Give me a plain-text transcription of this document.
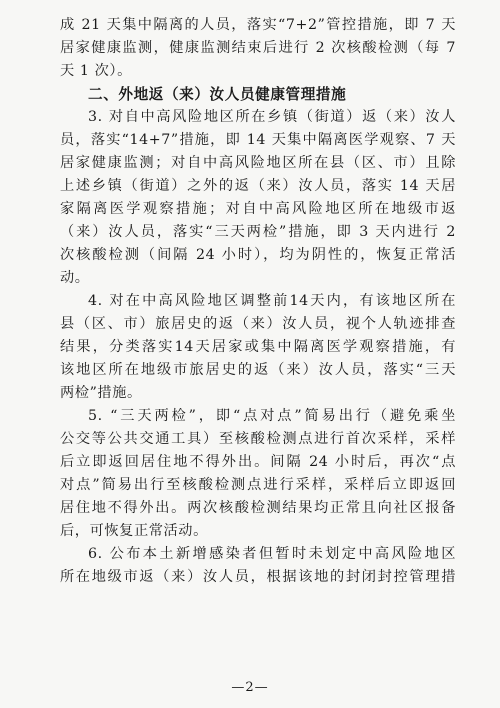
成 21 天集中隔离的人员，落实“7+2”管控措施，即 7 天
居家健康监测，健康监测结束后进行 2 次核酸检测（每 7
天 1 次）。
二、外地返（来）汝人员健康管理措施
3. 对自中高风险地区所在乡镇（街道）返（来）汝人
员，落实“14+7”措施，即 14 天集中隔离医学观察、7 天
居家健康监测；对自中高风险地区所在县（区、市）且除
上述乡镇（街道）之外的返（来）汝人员，落实 14 天居
家隔离医学观察措施；对自中高风险地区所在地级市返
（来）汝人员，落实“三天两检”措施，即 3 天内进行 2
次核酸检测（间隔 24 小时），均为阴性的，恢复正常活
动。
4. 对在中高风险地区调整前14天内，有该地区所在
县（区、市）旅居史的返（来）汝人员，视个人轨迹排查
结果，分类落实14天居家或集中隔离医学观察措施，有
该地区所在地级市旅居史的返（来）汝人员，落实“三天
两检”措施。
5. “三天两检”，即“点对点”简易出行（避免乘坐
公交等公共交通工具）至核酸检测点进行首次采样，采样
后立即返回居住地不得外出。间隔 24 小时后，再次“点
对点”简易出行至核酸检测点进行采样，采样后立即返回
居住地不得外出。两次核酸检测结果均正常且向社区报备
后，可恢复正常活动。
6. 公布本土新增感染者但暂时未划定中高风险地区
所在地级市返（来）汝人员，根据该地的封闭封控管理措
—2—
